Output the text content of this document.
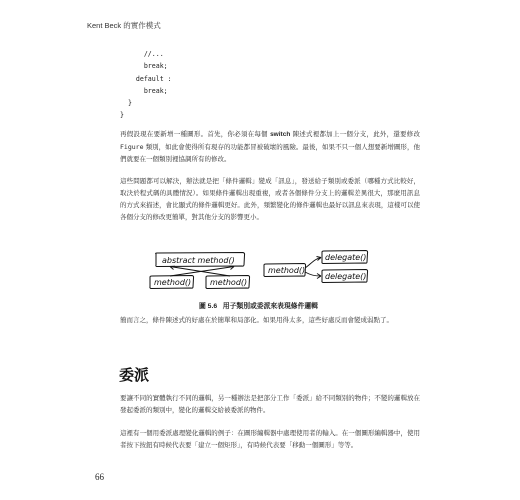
Kent Beck 的實作模式
//...
break;
default :
break;
}
}

再假設現在要新增一種圖形。首先，你必須在每個 switch 陳述式裡都加上一個分支，此外，還要修改 Figure 類別，如此會使得所有現存的功能都冒被破壞的風險。最後，如果不只一個人想要新增圖形，他們就要在一個類別裡協調所有的修改。

這些問題都可以解決，辦法就是把「條件邏輯」變成「訊息」，發送給子類別或委派（哪種方式比較好，取決於程式碼的具體情況）。如果條件邏輯出現重複，或者各個條件分支上的邏輯差異很大，那麼用訊息的方式來描述，會比顯式的條件邏輯更好。此外，頻繁變化的條件邏輯也最好以訊息來表現，這樣可以使各個分支的修改更簡單，對其他分支的影響更小。

abstract method()
method() method()
method()
delegate()
delegate()
圖 5.6   用子類別或委派來表現條件邏輯

簡而言之，條件陳述式的好處在於簡單和局部化。如果用得太多，這些好處反而會變成弱點了。

委派

要讓不同的實體執行不同的邏輯，另一種辦法是把部分工作「委派」給不同類別的物件；不變的邏輯放在發起委派的類別中，變化的邏輯交給被委派的物件。

這裡有一個用委派處理變化邏輯的例子：在圖形編輯器中處理使用者的輸入。在一個圖形編輯器中，使用者按下按鈕有時候代表要「建立一個矩形」，有時候代表要「移動一個圖形」等等。

66
